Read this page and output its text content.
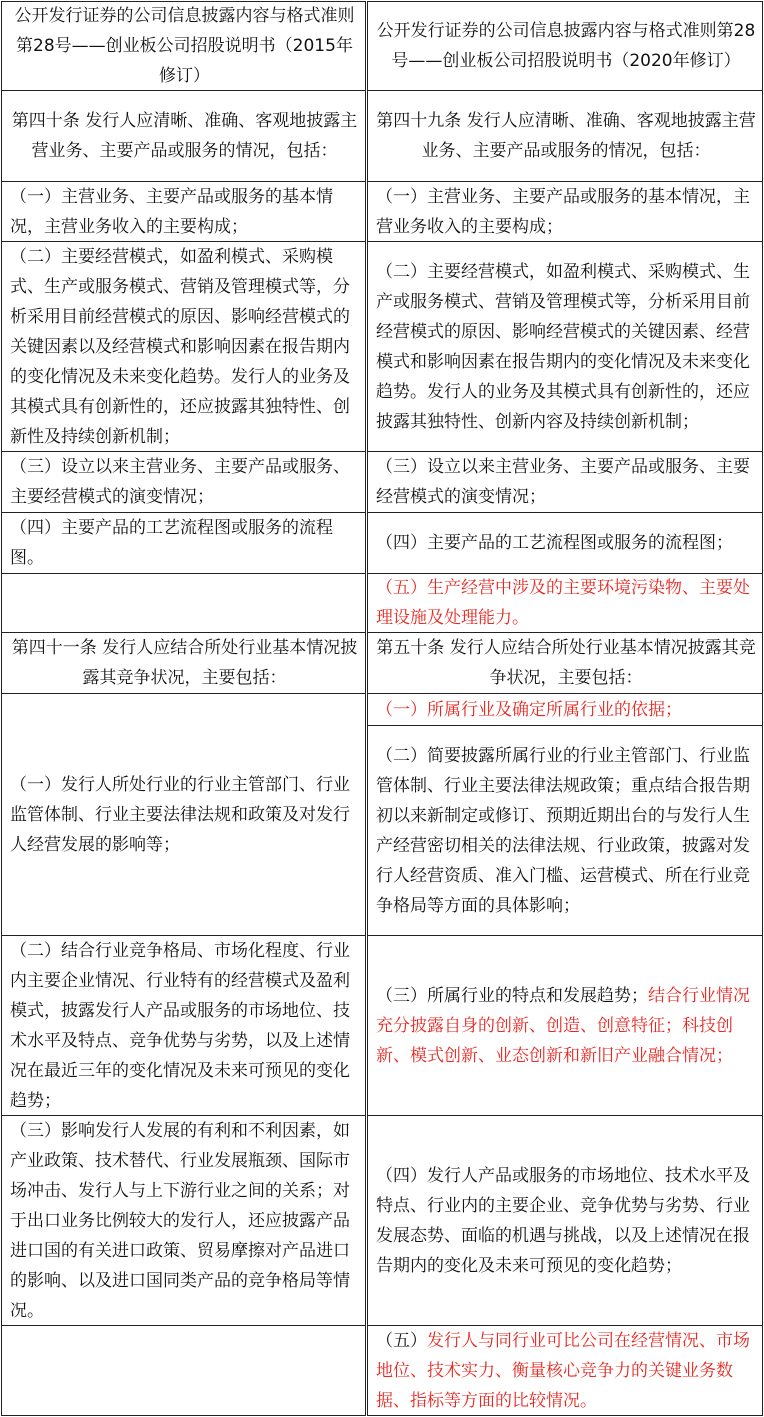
公开发行证券的公司信息披露内容与格式准则第28号——创业板公司招股说明书（2015年修订）
公开发行证券的公司信息披露内容与格式准则第28号——创业板公司招股说明书（2020年修订）
第四十条 发行人应清晰、准确、客观地披露主营业务、主要产品或服务的情况，包括：
第四十九条 发行人应清晰、准确、客观地披露主营业务、主要产品或服务的情况，包括：
（一）主营业务、主要产品或服务的基本情况，主营业务收入的主要构成；
（一）主营业务、主要产品或服务的基本情况，主营业务收入的主要构成；
（二）主要经营模式，如盈利模式、采购模式、生产或服务模式、营销及管理模式等，分析采用目前经营模式的原因、影响经营模式的关键因素以及经营模式和影响因素在报告期内的变化情况及未来变化趋势。发行人的业务及其模式具有创新性的，还应披露其独特性、创新性及持续创新机制；
（二）主要经营模式，如盈利模式、采购模式、生产或服务模式、营销及管理模式等，分析采用目前经营模式的原因、影响经营模式的关键因素、经营模式和影响因素在报告期内的变化情况及未来变化趋势。发行人的业务及其模式具有创新性的，还应披露其独特性、创新内容及持续创新机制；
（三）设立以来主营业务、主要产品或服务、主要经营模式的演变情况；
（三）设立以来主营业务、主要产品或服务、主要经营模式的演变情况；
（四）主要产品的工艺流程图或服务的流程图。
（四）主要产品的工艺流程图或服务的流程图；
（五）生产经营中涉及的主要环境污染物、主要处理设施及处理能力。
第四十一条 发行人应结合所处行业基本情况披露其竞争状况，主要包括：
第五十条 发行人应结合所处行业基本情况披露其竞争状况，主要包括：
（一）发行人所处行业的行业主管部门、行业监管体制、行业主要法律法规和政策及对发行人经营发展的影响等；
（一）所属行业及确定所属行业的依据；
（二）简要披露所属行业的行业主管部门、行业监管体制、行业主要法律法规政策；重点结合报告期初以来新制定或修订、预期近期出台的与发行人生产经营密切相关的法律法规、行业政策，披露对发行人经营资质、准入门槛、运营模式、所在行业竞争格局等方面的具体影响；
（二）结合行业竞争格局、市场化程度、行业内主要企业情况、行业特有的经营模式及盈利模式，披露发行人产品或服务的市场地位、技术水平及特点、竞争优势与劣势，以及上述情况在最近三年的变化情况及未来可预见的变化趋势；
（三）所属行业的特点和发展趋势；结合行业情况充分披露自身的创新、创造、创意特征；科技创新、模式创新、业态创新和新旧产业融合情况；
（三）影响发行人发展的有利和不利因素，如产业政策、技术替代、行业发展瓶颈、国际市场冲击、发行人与上下游行业之间的关系；对于出口业务比例较大的发行人，还应披露产品进口国的有关进口政策、贸易摩擦对产品进口的影响、以及进口国同类产品的竞争格局等情况。
（四）发行人产品或服务的市场地位、技术水平及特点、行业内的主要企业、竞争优势与劣势、行业发展态势、面临的机遇与挑战，以及上述情况在报告期内的变化及未来可预见的变化趋势；
（五）发行人与同行业可比公司在经营情况、市场地位、技术实力、衡量核心竞争力的关键业务数据、指标等方面的比较情况。
